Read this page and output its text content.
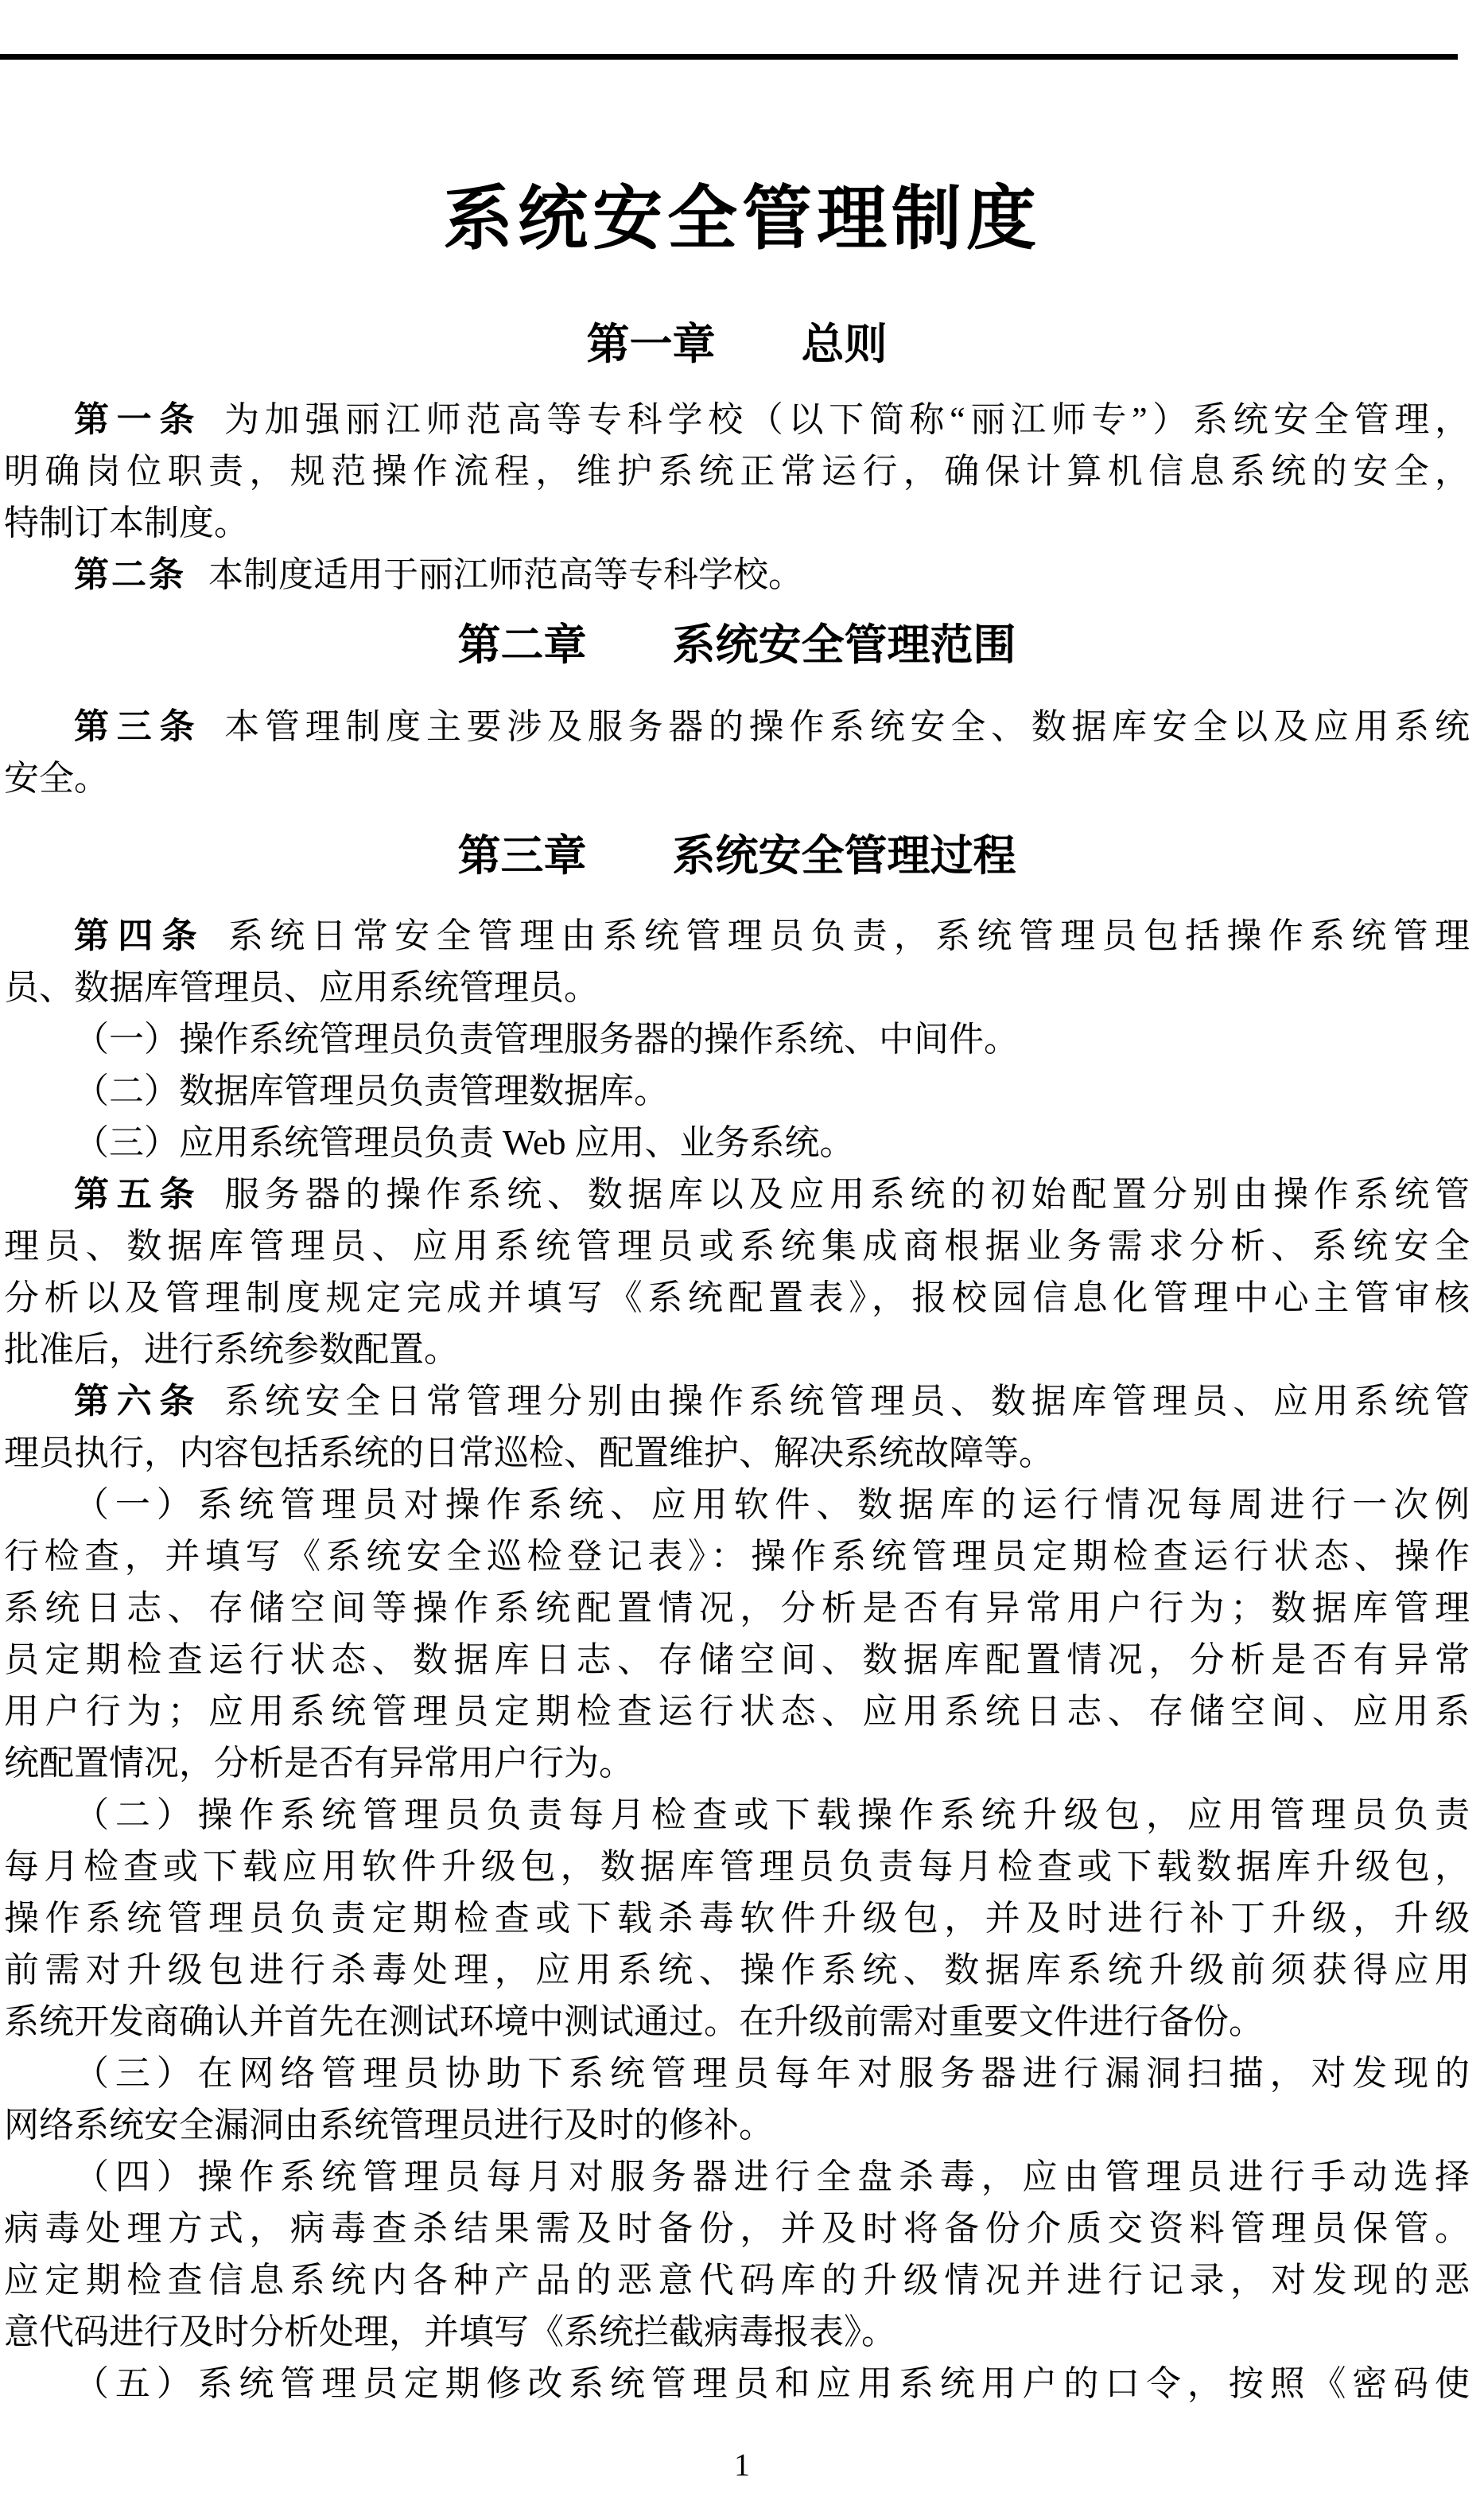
系统安全管理制度
第一章　　总则
第一条 为加强丽江师范高等专科学校（以下简称“丽江师专”）系统安全管理，
明确岗位职责，规范操作流程，维护系统正常运行，确保计算机信息系统的安全，
特制订本制度。
第二条 本制度适用于丽江师范高等专科学校。
第二章　　系统安全管理范围
第三条 本管理制度主要涉及服务器的操作系统安全、数据库安全以及应用系统
安全。
第三章　　系统安全管理过程
第四条 系统日常安全管理由系统管理员负责，系统管理员包括操作系统管理
员、数据库管理员、应用系统管理员。
（一）操作系统管理员负责管理服务器的操作系统、中间件。
（二）数据库管理员负责管理数据库。
（三）应用系统管理员负责 Web 应用、业务系统。
第五条 服务器的操作系统、数据库以及应用系统的初始配置分别由操作系统管
理员、数据库管理员、应用系统管理员或系统集成商根据业务需求分析、系统安全
分析以及管理制度规定完成并填写《系统配置表》，报校园信息化管理中心主管审核
批准后，进行系统参数配置。
第六条 系统安全日常管理分别由操作系统管理员、数据库管理员、应用系统管
理员执行，内容包括系统的日常巡检、配置维护、解决系统故障等。
（一）系统管理员对操作系统、应用软件、数据库的运行情况每周进行一次例
行检查，并填写《系统安全巡检登记表》：操作系统管理员定期检查运行状态、操作
系统日志、存储空间等操作系统配置情况，分析是否有异常用户行为；数据库管理
员定期检查运行状态、数据库日志、存储空间、数据库配置情况，分析是否有异常
用户行为；应用系统管理员定期检查运行状态、应用系统日志、存储空间、应用系
统配置情况，分析是否有异常用户行为。
（二）操作系统管理员负责每月检查或下载操作系统升级包，应用管理员负责
每月检查或下载应用软件升级包，数据库管理员负责每月检查或下载数据库升级包，
操作系统管理员负责定期检查或下载杀毒软件升级包，并及时进行补丁升级，升级
前需对升级包进行杀毒处理，应用系统、操作系统、数据库系统升级前须获得应用
系统开发商确认并首先在测试环境中测试通过。在升级前需对重要文件进行备份。
（三）在网络管理员协助下系统管理员每年对服务器进行漏洞扫描，对发现的
网络系统安全漏洞由系统管理员进行及时的修补。
（四）操作系统管理员每月对服务器进行全盘杀毒，应由管理员进行手动选择
病毒处理方式，病毒查杀结果需及时备份，并及时将备份介质交资料管理员保管。
应定期检查信息系统内各种产品的恶意代码库的升级情况并进行记录，对发现的恶
意代码进行及时分析处理，并填写《系统拦截病毒报表》。
（五）系统管理员定期修改系统管理员和应用系统用户的口令，按照《密码使
1
